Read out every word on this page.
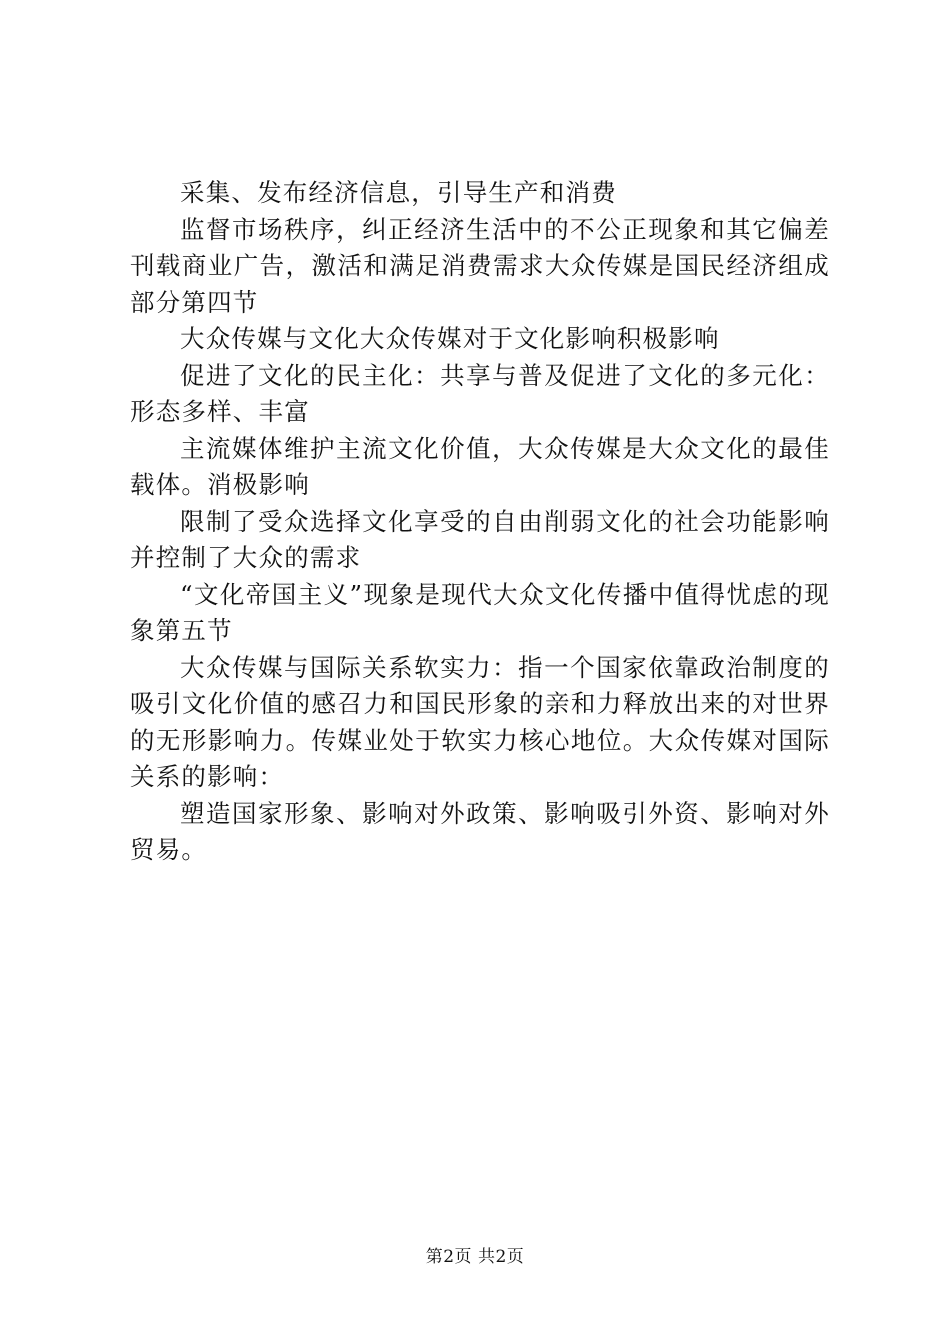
采集、发布经济信息，引导生产和消费

监督市场秩序，纠正经济生活中的不公正现象和其它偏差刊载商业广告，激活和满足消费需求大众传媒是国民经济组成部分第四节

大众传媒与文化大众传媒对于文化影响积极影响

促进了文化的民主化：共享与普及促进了文化的多元化：形态多样、丰富

主流媒体维护主流文化价值，大众传媒是大众文化的最佳载体。消极影响

限制了受众选择文化享受的自由削弱文化的社会功能影响并控制了大众的需求

“文化帝国主义”现象是现代大众文化传播中值得忧虑的现象第五节

大众传媒与国际关系软实力：指一个国家依靠政治制度的吸引文化价值的感召力和国民形象的亲和力释放出来的对世界的无形影响力。传媒业处于软实力核心地位。大众传媒对国际关系的影响：

塑造国家形象、影响对外政策、影响吸引外资、影响对外贸易。

第2页 共2页
